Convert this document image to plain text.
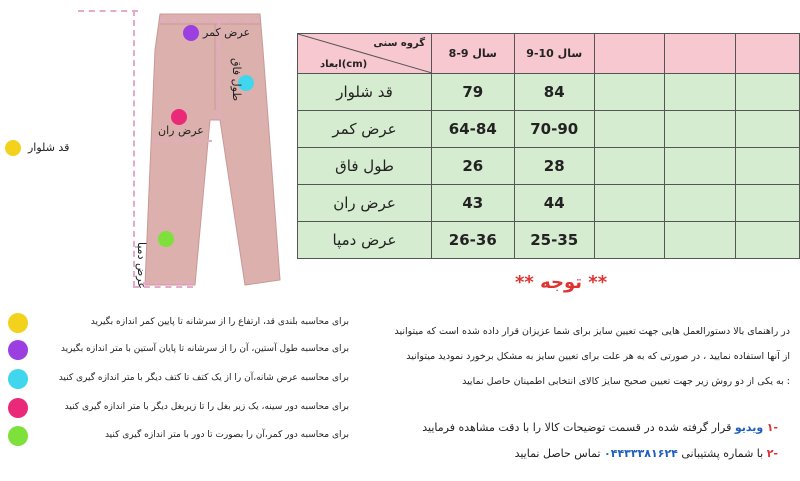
عرض کمر
طول فاق
عرض ران
عرض دمپا
قد شلوار
گروه سنی
ابعاد(cm)	8-9 سال	9-10 سال			
قد شلوار	79	84			
عرض کمر	64-84	70-90			
طول فاق	26	28			
عرض ران	43	44			
عرض دمپا	26-36	25-35			
** توجه **
در راهنمای بالا دستورالعمل هایی جهت تعیین سایز برای شما عزیزان قرار داده شده است که میتوانید
از آنها استفاده نمایید ، در صورتی که به هر علت برای تعیین سایز به مشکل برخورد نمودید میتوانید
: به یکی از دو روش زیر جهت تعیین صحیح سایز کالای انتخابی اطمینان حاصل نمایید
-۱ ویدیو قرار گرفته شده در قسمت توضیحات کالا را با دقت مشاهده فرمایید
-۲ با شماره پشتیبانی ۰۴۴۳۳۳۸۱۶۲۴ تماس حاصل نمایید
برای محاسبه بلندی قد، ارتفاع را از سرشانه تا پایین کمر اندازه بگیرید
برای محاسبه طول آستین، آن را از سرشانه تا پایان آستین با متر اندازه بگیرید
برای محاسبه عرض شانه،آن را از یک کتف تا کتف دیگر با متر اندازه گیری کنید
برای محاسبه دور سینه، یک زیر بغل را تا زیربغل دیگر با متر اندازه گیری کنید
برای محاسبه دور کمر،آن را بصورت تا دور با متر اندازه گیری کنید
